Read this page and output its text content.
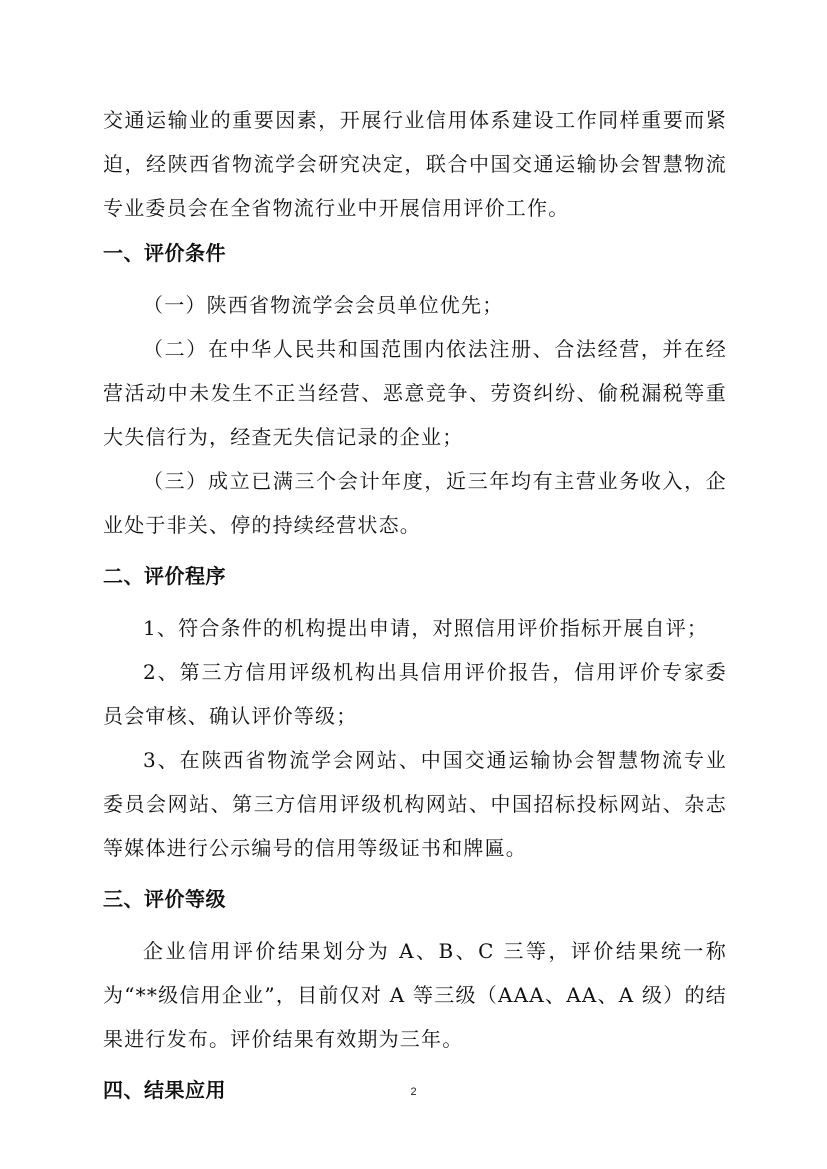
交通运输业的重要因素，开展行业信用体系建设工作同样重要而紧迫，经陕西省物流学会研究决定，联合中国交通运输协会智慧物流专业委员会在全省物流行业中开展信用评价工作。

一、评价条件

（一）陕西省物流学会会员单位优先；

（二）在中华人民共和国范围内依法注册、合法经营，并在经营活动中未发生不正当经营、恶意竞争、劳资纠纷、偷税漏税等重大失信行为，经查无失信记录的企业；

（三）成立已满三个会计年度，近三年均有主营业务收入，企业处于非关、停的持续经营状态。

二、评价程序

1、符合条件的机构提出申请，对照信用评价指标开展自评；

2、第三方信用评级机构出具信用评价报告，信用评价专家委员会审核、确认评价等级；

3、在陕西省物流学会网站、中国交通运输协会智慧物流专业委员会网站、第三方信用评级机构网站、中国招标投标网站、杂志等媒体进行公示编号的信用等级证书和牌匾。

三、评价等级

企业信用评价结果划分为 A、B、C 三等，评价结果统一称为“**级信用企业”，目前仅对 A 等三级（AAA、AA、A 级）的结果进行发布。评价结果有效期为三年。

四、结果应用	2
